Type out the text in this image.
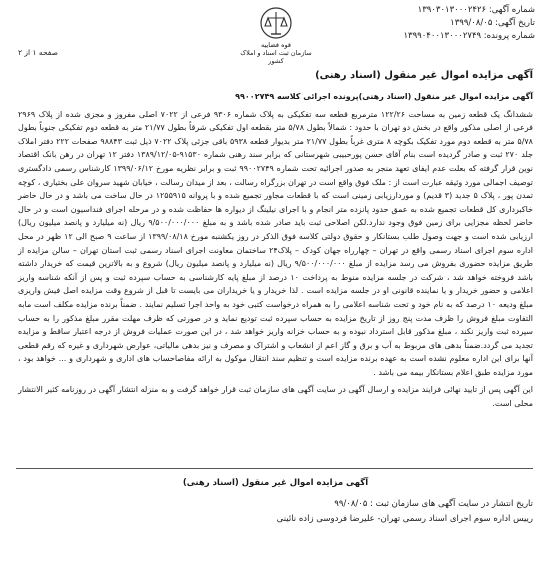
شماره آگهی: ۱۳۹۰۳۰۱۳۰۰۰۲۴۲۶
تاریخ آگهی: ۱۳۹۹/۰۸/۰۵
شماره پرونده: ۱۳۹۹۰۴۰۰۱۳۰۰۰۲۷۴۹
قوه قضاییه
سازمان ثبت اسناد و املاک کشور
صفحه ۱ از ۲
آگهی مزایده اموال غیر منقول (اسناد رهنی)

آگهی مزایده اموال غیر منقول (اسناد رهنی)پرونده اجرائی کلاسه ۹۹۰۰۲۷۴۹

ششدانگ یک قطعه زمین به مساحت ۱۲۲/۲۶ مترمربع قطعه سه تفکیکی به پلاک شماره ۹۳۰۶ فرعی از ۷۰۲۲ اصلی مفروز و مجزی شده از پلاک ۲۹۶۹ فرعی از اصلی مذکور واقع در بخش دو تهران با حدود : شمالاً بطول ۵/۷۸ متر بقطعه اول تفکیکی شرقاً بطول ۲۱/۷۷ متر به قطعه دوم تفکیکی جنوباً بطول ۵/۷۸ متر به قطعه دوم مورد تفکیک بکوچه ۸ متری غرباً بطول ۲۱/۷۷ متر بدیوار قطعه ۵۹۳۸ باقی جزئی پلاک ۷۰۲۲ ذیل ثبت ۹۸۸۴۳ صفحات ۲۲۲ دفتر املاک جلد ۲۷۰ ثبت و صادر گردیده است بنام آقای حسن پورحبیبی شهرستانی که برابر سند رهنی شماره ۹۱۵۳۰-۱۳۸۹/۱۲/۰۵ دفتر ۱۲ تهران در رهن بانک اقتصاد نوین قرار گرفته که بعلت عدم ایفای تعهد منجر به صدور اجرائیه تحت شماره ۹۹۰۰۲۷۴۹ ثبت و برابر نظریه مورخ ۱۳۹۹/۰۶/۱۲ کارشناس رسمی دادگستری توصیف اجمالی مورد وثیقه عبارت است از : ملک فوق واقع است در تهران بزرگراه رسالت ، بعد از میدان رسالت ، خیابان شهید سروان علی بختیاری ، کوچه تمدن پور ، پلاک ۵ جدید (۳ قدیم) و موردارزیابی زمینی است که با قطعات مجاور تجمیع شده و با پروانه ۱۲۵۵۹۱۵ در حال ساخت می باشد و در حال حاضر خاکبرداری کل قطعات تجمیع شده به عمق حدود پانزده متر انجام و با اجرای نیلینگ از دیواره ها حفاظت شده و در مرحله اجرای فنداسیون است و در حال حاضر لحظه مجزایی برای زمین فوق وجود ندارد.لکن اصلاحی ثبت باید صادر شده باشد و به مبلغ ۹/۵۰۰/۰۰۰/۰۰۰ ریال (نه میلیارد و پانصد میلیون ریال) ارزیابی شده است و جهت وصول طلب بستانکار و حقوق دولتی کلاسه فوق الذکر در روز یکشنبه مورخ ۱۳۹۹/۰۸/۱۸ از ساعت ۹ صبح الی ۱۲ ظهر در محل اداره سوم اجرای اسناد رسمی واقع در تهران – چهارراه جهان کودک – پلاک۲۴ ساختمان معاونت اجرای اسناد رسمی ثبت استان تهران – سالن مزایده از طریق مزایده حضوری بفروش می رسد مزایده از مبلغ ۹/۵۰۰/۰۰۰/۰۰۰ ریال (نه میلیارد و پانصد میلیون ریال) شروع و به بالاترین قیمت که خریدار داشته باشد فروخته خواهد شد ، شرکت در جلسه مزایده منوط به پرداخت ۱۰ درصد از مبلغ پایه کارشناسی به حساب سپرده ثبت و پس از آنکه شناسه واریز اعلامی و حضور خریدار و یا نماینده قانونی او در جلسه مزایده است . لذا خریدار و یا خریداران می بایست تا قبل از شروع وقت مزایده اصل فیش واریزی مبلغ ودیعه ۱۰ درصد که به نام خود و تحت شناسه اعلامی را به همراه درخواست کتبی خود به واحد اجرا تسلیم نمایند . ضمناً برنده مزایده مکلف است مابه التفاوت مبلغ فروش را ظرف مدت پنج روز از تاریخ مزایده به حساب سپرده ثبت تودیع نماید و در صورتی که ظرف مهلت مقرر مبلغ مذکور را به حساب سپرده ثبت واریز نکند ، مبلغ مذکور قابل استرداد نبوده و به حساب خزانه واریز خواهد شد ، در این صورت عملیات فروش از درجه اعتبار ساقط و مزایده تجدید می گردد.ضمناً بدهی های مربوط به آب و برق و گاز اعم از انشعاب و اشتراک و مصرف و نیز بدهی مالیاتی، عوارض شهرداری و غیره که رقم قطعی آنها برای این اداره معلوم نشده است به عهده برنده مزایده است و تنظیم سند انتقال موکول به ارائه مفاصاحساب های اداری و شهرداری و ... خواهد بود ، مورد مزایده طبق اعلام بستانکار بیمه می باشد .

این آگهی پس از تایید نهائی فرایند مزایده و ارسال آگهی در سایت آگهی های سازمان ثبت قرار خواهد گرفت و به منزله انتشار آگهی در روزنامه کثیر الانتشار محلی است.

آگهی مزایده اموال غیر منقول (اسناد رهنی)
تاریخ انتشار در سایت آگهی های سازمان ثبت : ۹۹/۰۸/۰۵
رییس اداره سوم اجرای اسناد رسمی تهران- علیرضا فردوسی زاده نائینی
